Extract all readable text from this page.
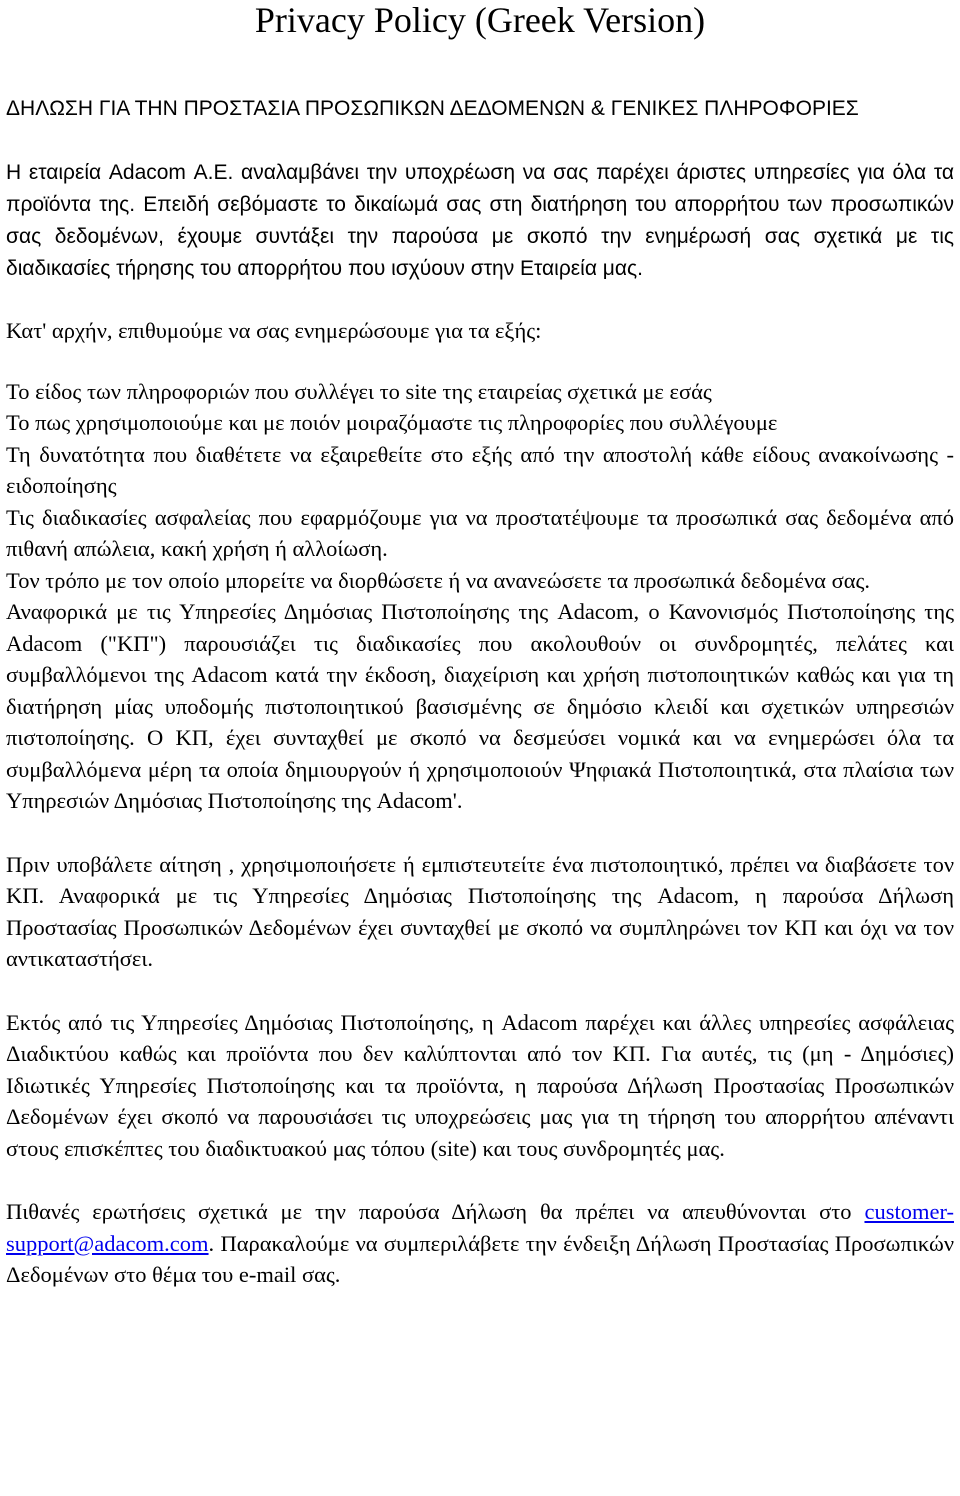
Privacy Policy (Greek Version)

ΔΗΛΩΣΗ ΓΙΑ ΤΗΝ ΠΡΟΣΤΑΣΙΑ ΠΡΟΣΩΠΙΚΩΝ ΔΕΔΟΜΕΝΩΝ & ΓΕΝΙΚΕΣ ΠΛΗΡΟΦΟΡΙΕΣ

Η εταιρεία Adacom Α.Ε. αναλαμβάνει την υποχρέωση να σας παρέχει άριστες υπηρεσίες για όλα τα προϊόντα της. Επειδή σεβόμαστε το δικαίωμά σας στη διατήρηση του απορρήτου των προσωπικών σας δεδομένων, έχουμε συντάξει την παρούσα με σκοπό την ενημέρωσή σας σχετικά με τις διαδικασίες τήρησης του απορρήτου που ισχύουν στην Εταιρεία μας.

Κατ' αρχήν, επιθυμούμε να σας ενημερώσουμε για τα εξής:

Το είδος των πληροφοριών που συλλέγει το site της εταιρείας σχετικά με εσάς

Το πως χρησιμοποιούμε και με ποιόν μοιραζόμαστε τις πληροφορίες που συλλέγουμε

Τη δυνατότητα που διαθέτετε να εξαιρεθείτε στο εξής από την αποστολή κάθε είδους ανακοίνωσης - ειδοποίησης

Τις διαδικασίες ασφαλείας που εφαρμόζουμε για να προστατέψουμε τα προσωπικά σας δεδομένα από πιθανή απώλεια, κακή χρήση ή αλλοίωση.

Τον τρόπο με τον οποίο μπορείτε να διορθώσετε ή να ανανεώσετε τα προσωπικά δεδομένα σας.

Αναφορικά με τις Υπηρεσίες Δημόσιας Πιστοποίησης της Adacom, ο Κανονισμός Πιστοποίησης της Adacom ("ΚΠ") παρουσιάζει τις διαδικασίες που ακολουθούν οι συνδρομητές, πελάτες και συμβαλλόμενοι της Adacom κατά την έκδοση, διαχείριση και χρήση πιστοποιητικών καθώς και για τη διατήρηση μίας υποδομής πιστοποιητικού βασισμένης σε δημόσιο κλειδί και σχετικών υπηρεσιών πιστοποίησης. Ο ΚΠ, έχει συνταχθεί με σκοπό να δεσμεύσει νομικά και να ενημερώσει όλα τα συμβαλλόμενα μέρη τα οποία δημιουργούν ή χρησιμοποιούν Ψηφιακά Πιστοποιητικά, στα πλαίσια των Υπηρεσιών Δημόσιας Πιστοποίησης της Adacom'.

Πριν υποβάλετε αίτηση , χρησιμοποιήσετε ή εμπιστευτείτε ένα πιστοποιητικό, πρέπει να διαβάσετε τον ΚΠ. Αναφορικά με τις Υπηρεσίες Δημόσιας Πιστοποίησης της Adacom, η παρούσα Δήλωση Προστασίας Προσωπικών Δεδομένων έχει συνταχθεί με σκοπό να συμπληρώνει τον ΚΠ και όχι να τον αντικαταστήσει.

Εκτός από τις Υπηρεσίες Δημόσιας Πιστοποίησης, η Adacom παρέχει και άλλες υπηρεσίες ασφάλειας Διαδικτύου καθώς και προϊόντα που δεν καλύπτονται από τον ΚΠ. Για αυτές, τις (μη - Δημόσιες) Ιδιωτικές Υπηρεσίες Πιστοποίησης και τα προϊόντα, η παρούσα Δήλωση Προστασίας Προσωπικών Δεδομένων έχει σκοπό να παρουσιάσει τις υποχρεώσεις μας για τη τήρηση του απορρήτου απέναντι στους επισκέπτες του διαδικτυακού μας τόπου (site) και τους συνδρομητές μας.

Πιθανές ερωτήσεις σχετικά με την παρούσα Δήλωση θα πρέπει να απευθύνονται στο customer-support@adacom.com. Παρακαλούμε να συμπεριλάβετε την ένδειξη Δήλωση Προστασίας Προσωπικών Δεδομένων στο θέμα του e-mail σας.
